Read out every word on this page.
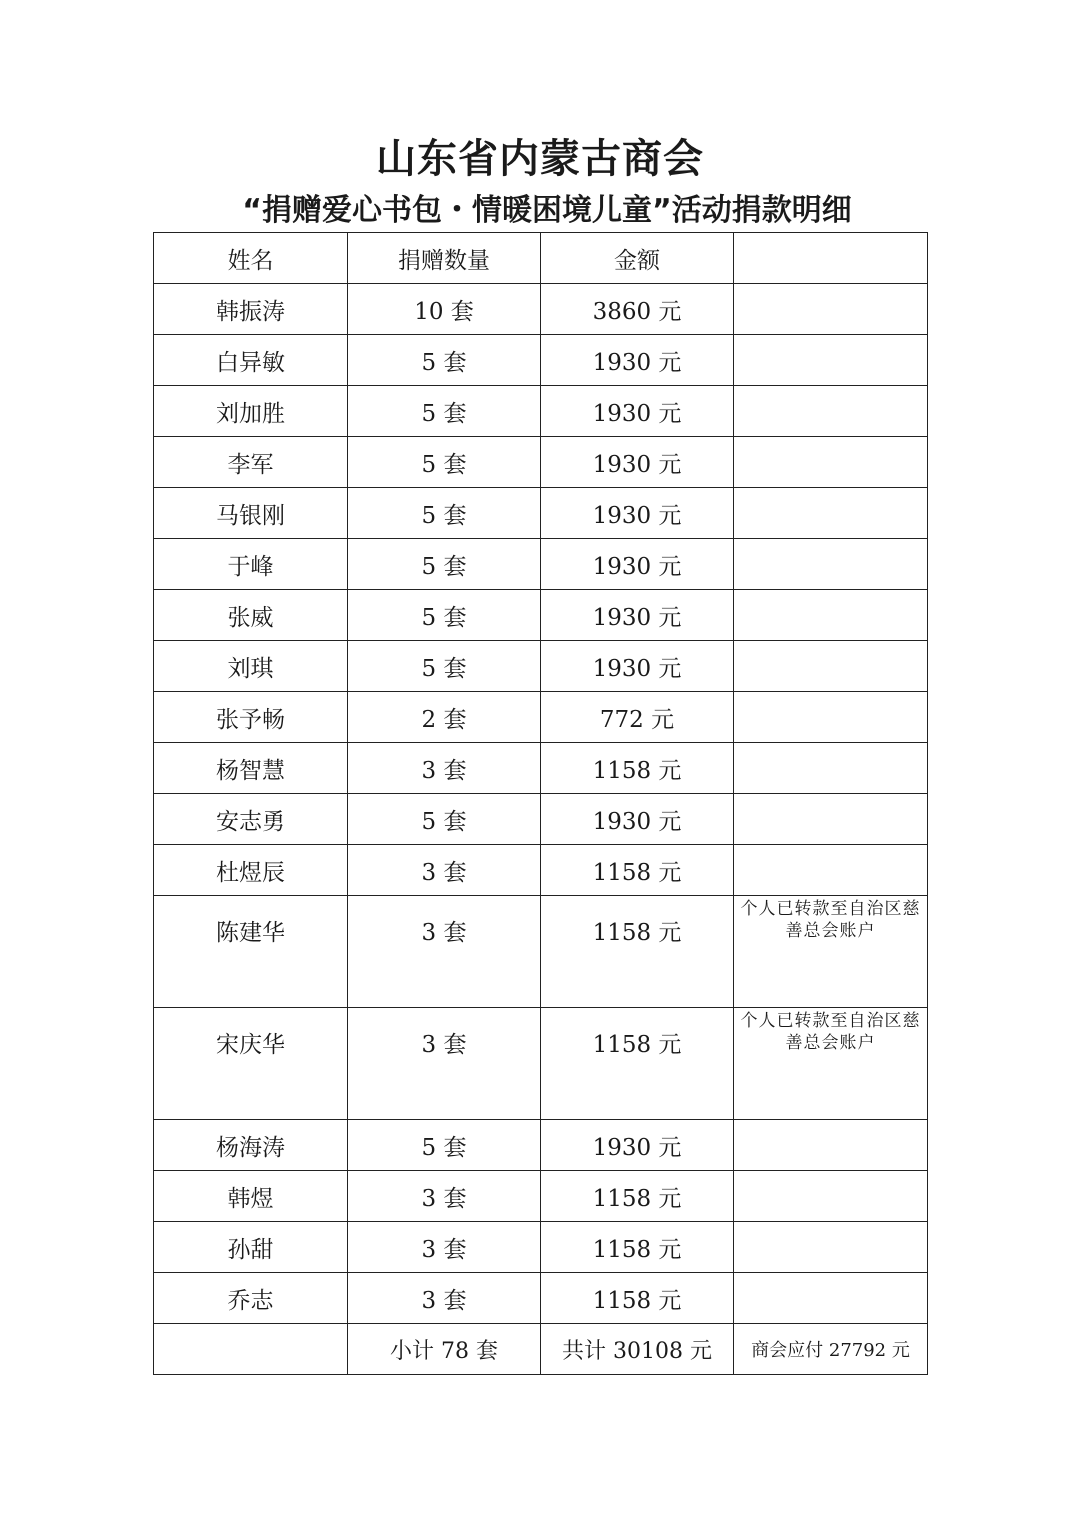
山东省内蒙古商会
“捐赠爱心书包・情暖困境儿童”活动捐款明细
姓名	捐赠数量	金额	
韩振涛	10 套	3860 元	
白异敏	5 套	1930 元	
刘加胜	5 套	1930 元	
李军	5 套	1930 元	
马银刚	5 套	1930 元	
于峰	5 套	1930 元	
张威	5 套	1930 元	
刘琪	5 套	1930 元	
张予畅	2 套	772 元	
杨智慧	3 套	1158 元	
安志勇	5 套	1930 元	
杜煜辰	3 套	1158 元	
陈建华	3 套	1158 元	个人已转款至自治区慈善总会账户
宋庆华	3 套	1158 元	个人已转款至自治区慈善总会账户
杨海涛	5 套	1930 元	
韩煜	3 套	1158 元	
孙甜	3 套	1158 元	
乔志	3 套	1158 元	
	小计 78 套	共计 30108 元	商会应付 27792 元
